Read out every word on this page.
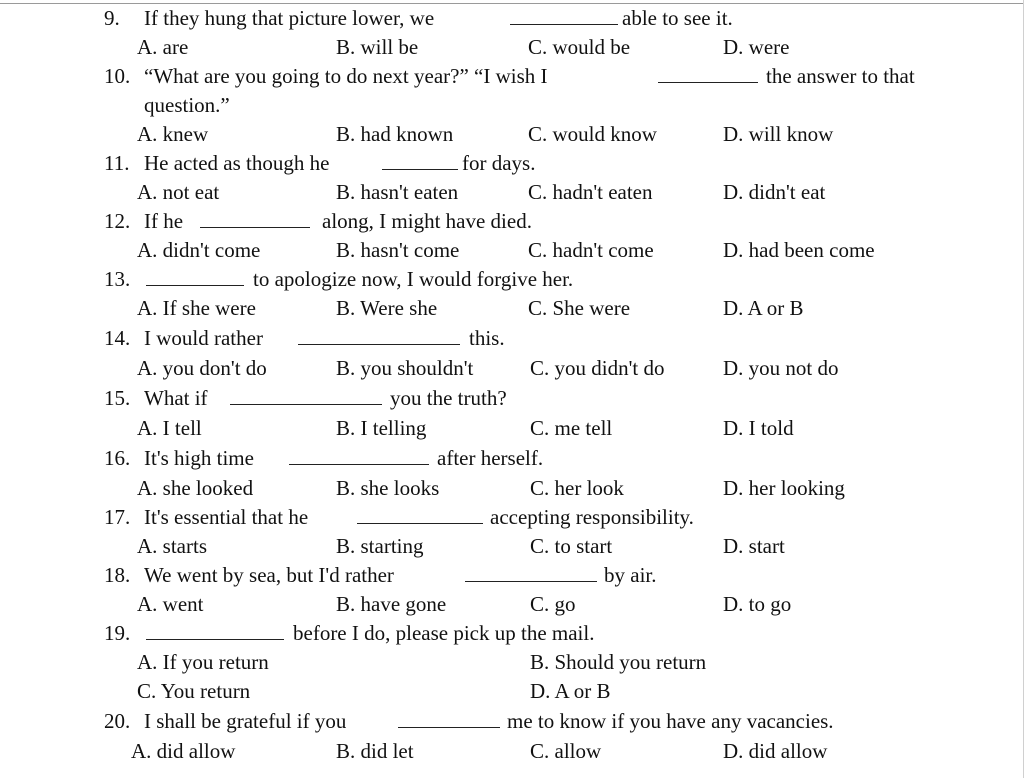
9. If they hung that picture lower, we	able to see it.
A. are	B. will be	C. would be	D. were
10. “What are you going to do next year?” “I wish I	the answer to that
question.”
A. knew	B. had known	C. would know	D. will know
11. He acted as though he	for days.
A. not eat	B. hasn't eaten	C. hadn't eaten	D. didn't eat
12. If he	along, I might have died.
A. didn't come	B. hasn't come	C. hadn't come	D. had been come
13.	to apologize now, I would forgive her.
A. If she were	B. Were she	C. She were	D. A or B
14. I would rather	this.
A. you don't do	B. you shouldn't	C. you didn't do	D. you not do
15. What if	you the truth?
A. I tell	B. I telling	C. me tell	D. I told
16. It's high time	after herself.
A. she looked	B. she looks	C. her look	D. her looking
17. It's essential that he	accepting responsibility.
A. starts	B. starting	C. to start	D. start
18. We went by sea, but I'd rather	by air.
A. went	B. have gone	C. go	D. to go
19.	before I do, please pick up the mail.
A. If you return	B. Should you return
C. You return	D. A or B
20. I shall be grateful if you	me to know if you have any vacancies.
A. did allow	B. did let	C. allow	D. did allow
